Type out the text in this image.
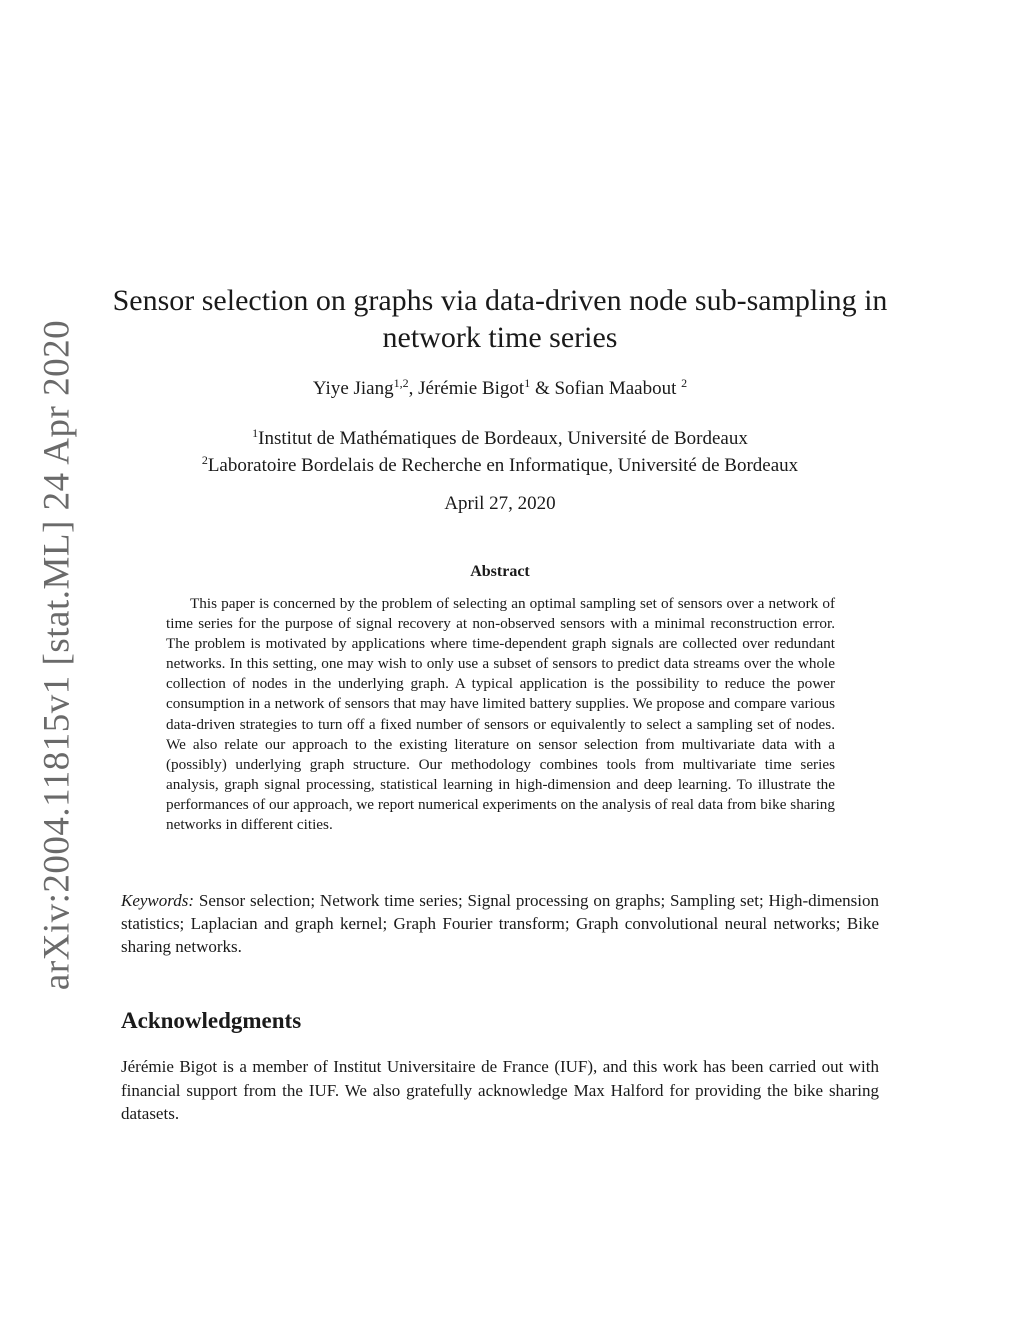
arXiv:2004.11815v1 [stat.ML] 24 Apr 2020
Sensor selection on graphs via data-driven node sub-sampling in network time series
Yiye Jiang$^{1,2}$, Jérémie Bigot$^1$ & Sofian Maabout $^2$
$^1$Institut de Mathématiques de Bordeaux, Université de Bordeaux
$^2$Laboratoire Bordelais de Recherche en Informatique, Université de Bordeaux
April 27, 2020
Abstract
This paper is concerned by the problem of selecting an optimal sampling set of sensors over a network of time series for the purpose of signal recovery at non-observed sensors with a minimal reconstruction error. The problem is motivated by applications where time-dependent graph signals are collected over redundant networks. In this setting, one may wish to only use a subset of sensors to predict data streams over the whole collection of nodes in the underlying graph. A typical application is the possibility to reduce the power consumption in a network of sensors that may have limited battery supplies. We propose and compare various data-driven strategies to turn off a fixed number of sensors or equivalently to select a sampling set of nodes. We also relate our approach to the existing literature on sensor selection from multivariate data with a (possibly) underlying graph structure. Our methodology combines tools from multivariate time series analysis, graph signal processing, statistical learning in high-dimension and deep learning. To illustrate the performances of our approach, we report numerical experiments on the analysis of real data from bike sharing networks in different cities.
Keywords: Sensor selection; Network time series; Signal processing on graphs; Sampling set; High-dimension statistics; Laplacian and graph kernel; Graph Fourier transform; Graph convolutional neural networks; Bike sharing networks.
Acknowledgments
Jérémie Bigot is a member of Institut Universitaire de France (IUF), and this work has been carried out with financial support from the IUF. We also gratefully acknowledge Max Halford for providing the bike sharing datasets.
